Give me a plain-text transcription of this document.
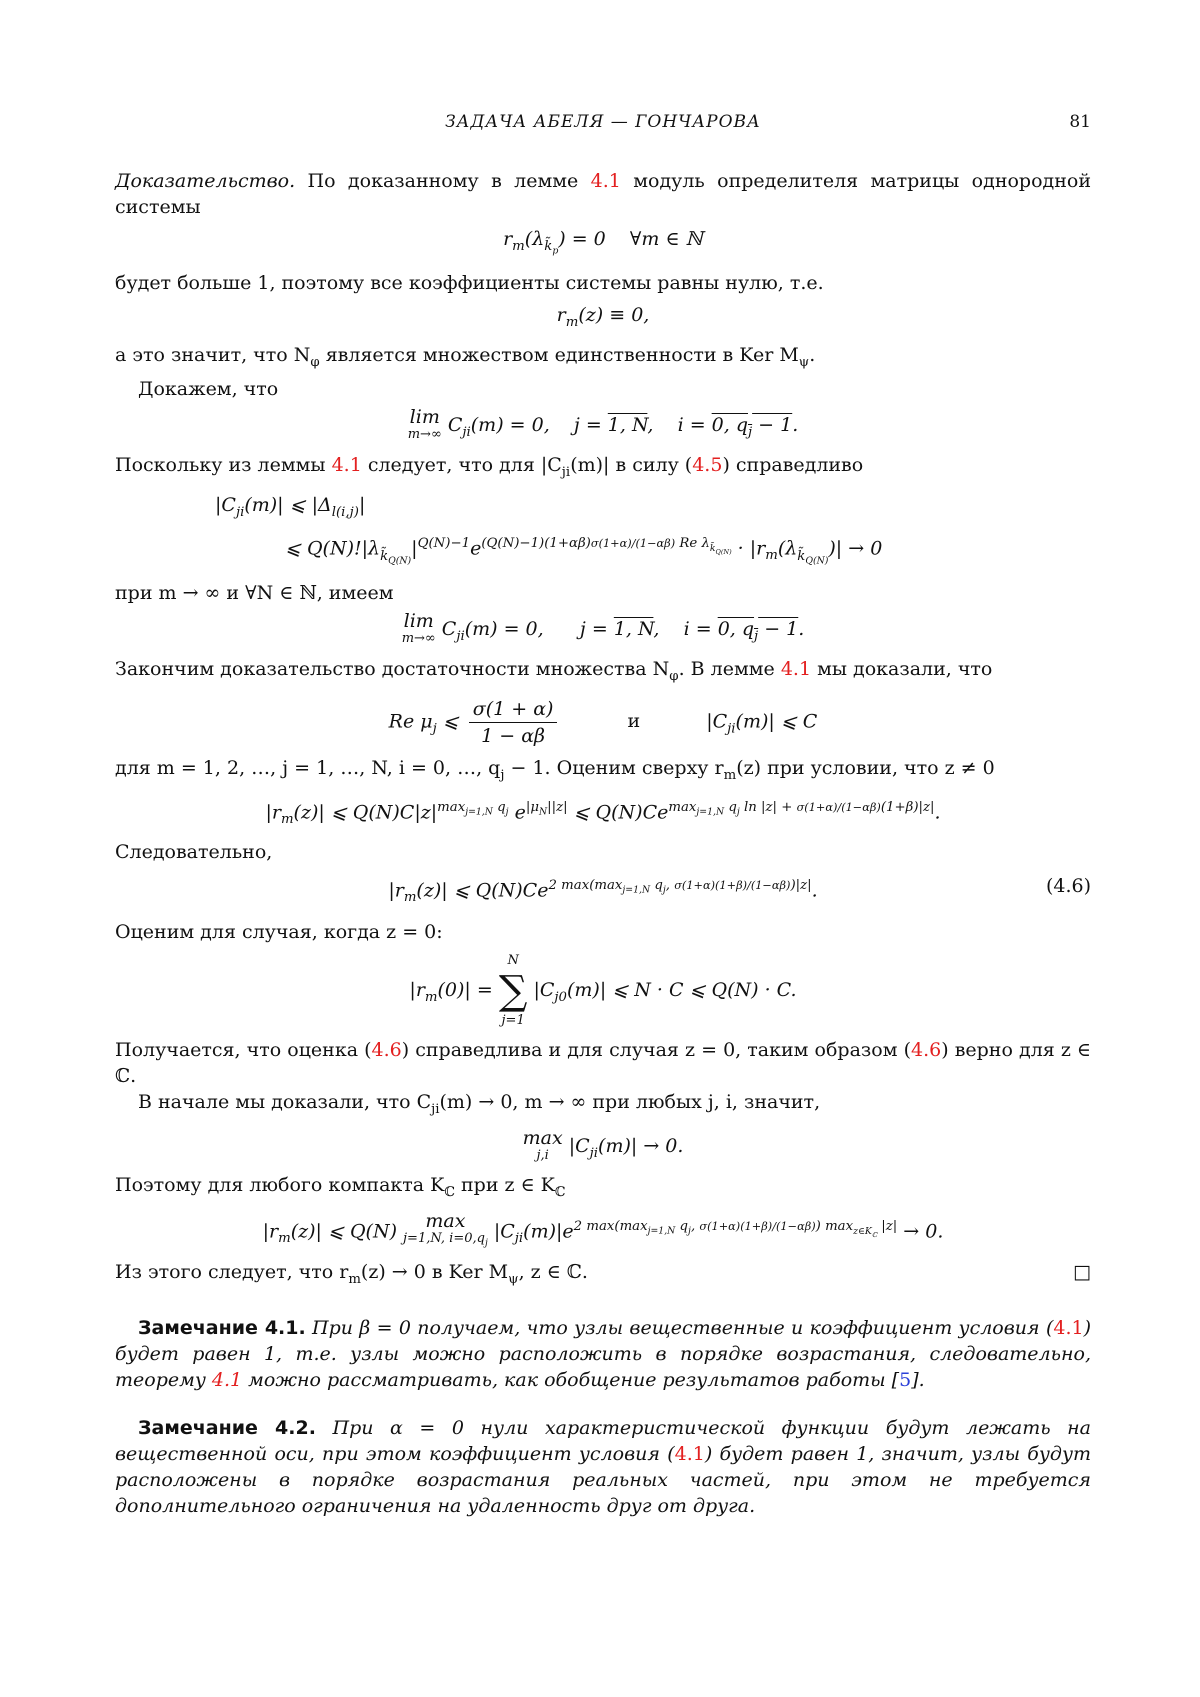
ЗАДАЧА АБЕЛЯ — ГОНЧАРОВА	81

Доказательство. По доказанному в лемме 4.1 модуль определителя матрицы однородной системы

$r_m(\lambda_{k̃_p}) = 0$    ∀m ∈ ℕ

будет больше 1, поэтому все коэффициенты системы равны нулю, т.е.

$r_m(z) \equiv 0$,

а это значит, что $N_\varphi$ является множеством единственности в Ker $M_\psi$.

Докажем, что

lim
m→∞ $C_{ji}(m) = 0$,    j = 1, N,    i = 0, $q_j - 1$.

Поскольку из леммы 4.1 следует, что для $|C_{ji}(m)|$ в силу (4.5) справедливо

$|C_{ji}(m)|$ ⩽ $|\Delta_{l(i,j)}|$
⩽ $Q(N)!|\lambda_{k̃_{Q(N)}}|^{Q(N)-1}e^{(Q(N)-1)(1+\alpha\beta)\sigma(1+\alpha)/(1-\alpha\beta) Re \lambda_{k̃_{Q(N)}}} \cdot |r_m(\lambda_{k̃_{Q(N)}})| \to 0$

при m → ∞ и ∀N ∈ ℕ, имеем

lim
m→∞ $C_{ji}(m) = 0$,      j = 1, N,    i = 0, $q_j - 1$.

Закончим доказательство достаточности множества $N_\varphi$. В лемме 4.1 мы доказали, что

Re $\mu_j$ ⩽ $\frac{\sigma(1 + \alpha)}{1 - \alpha\beta}$	и	$|C_{ji}(m)|$ ⩽ C

для m = 1, 2, …, j = 1, …, N, i = 0, …, $q_j - 1$. Оценим сверху $r_m(z)$ при условии, что z ≠ 0

$|r_m(z)|$ ⩽ $Q(N)C|z|^{max_{j=1,N} q_j}$ $e^{|\mu_N||z|}$ ⩽ $Q(N)Ce^{max_{j=1,N} q_j ln |z| + \sigma(1+\alpha)/(1-\alpha\beta)(1+\beta)|z|}$.

Следовательно,

$|r_m(z)|$ ⩽ $Q(N)Ce^{2 max(max_{j=1,N} q_j, \sigma(1+\alpha)(1+\beta)/(1-\alpha\beta))|z|}$.	(4.6)

Оценим для случая, когда z = 0:

$|r_m(0)|$ =
N
∑
j=1
$|C_{j0}(m)|$ ⩽ N · C ⩽ Q(N) · C.

Получается, что оценка (4.6) справедлива и для случая z = 0, таким образом (4.6) верно для z ∈ ℂ.

В начале мы доказали, что $C_{ji}(m) \to 0$, m → ∞ при любых j, i, значит,

max
j,i $|C_{ji}(m)| \to 0$.

Поэтому для любого компакта $K_ℂ$ при z ∈ $K_ℂ$

$|r_m(z)|$ ⩽ Q(N) max
j=1,N, $i=0,q_j$
$|C_{ji}(m)|e^{2 max(max_{j=1,N} q_j, \sigma(1+\alpha)(1+\beta)/(1-\alpha\beta)) max_{z\in K_ℂ} |z|} \to 0$.

Из этого следует, что $r_m(z) \to 0$ в Ker $M_\psi$, z ∈ ℂ.	□

Замечание 4.1. При β = 0 получаем, что узлы вещественные и коэффициент условия (4.1) будет равен 1, т.е. узлы можно расположить в порядке возрастания, следовательно, теорему 4.1 можно рассматривать, как обобщение результатов работы [5].

Замечание 4.2. При α = 0 нули характеристической функции будут лежать на вещественной оси, при этом коэффициент условия (4.1) будет равен 1, значит, узлы будут расположены в порядке возрастания реальных частей, при этом не требуется дополнительного ограничения на удаленность друг от друга.
